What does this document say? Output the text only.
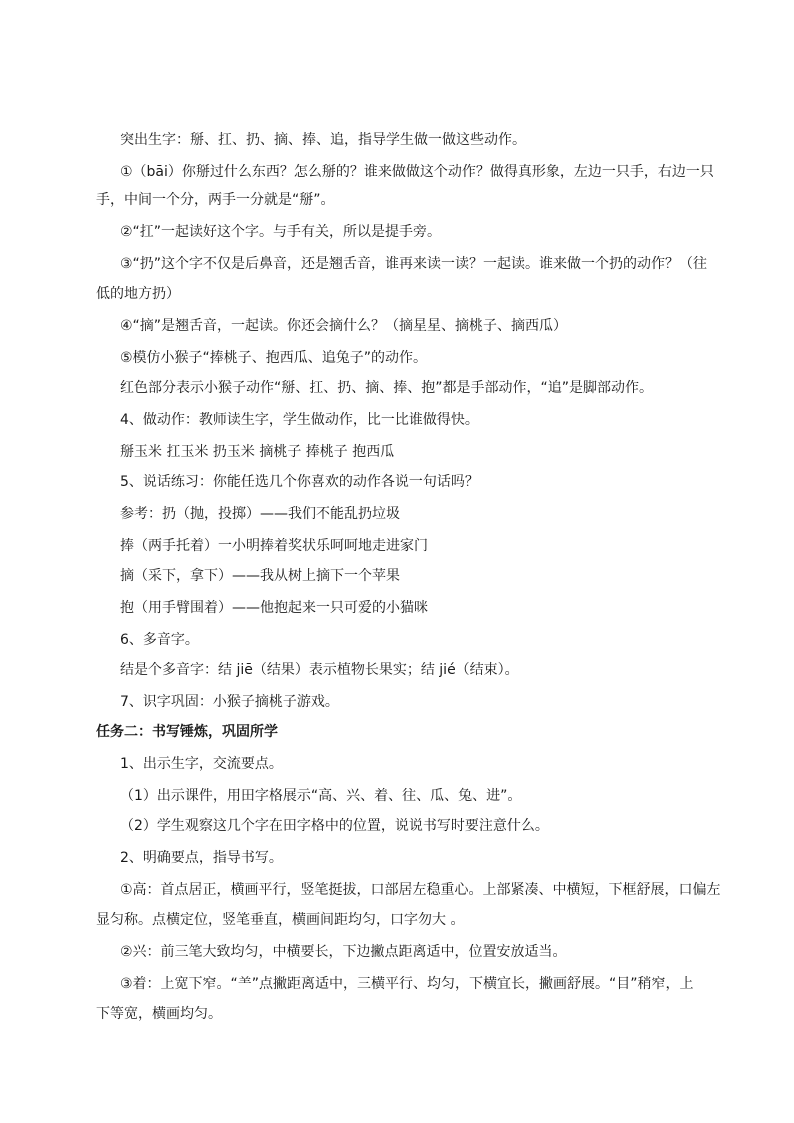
突出生字：掰、扛、扔、摘、捧、追，指导学生做一做这些动作。
①（bāi）你掰过什么东西？怎么掰的？谁来做做这个动作？做得真形象，左边一只手，右边一只
手，中间一个分，两手一分就是“掰”。
②“扛”一起读好这个字。与手有关，所以是提手旁。
③“扔”这个字不仅是后鼻音，还是翘舌音，谁再来读一读？一起读。谁来做一个扔的动作？（往
低的地方扔）
④“摘”是翘舌音，一起读。你还会摘什么？（摘星星、摘桃子、摘西瓜）
⑤模仿小猴子“捧桃子、抱西瓜、追兔子”的动作。
红色部分表示小猴子动作“掰、扛、扔、摘、捧、抱”都是手部动作，“追”是脚部动作。
4、做动作：教师读生字，学生做动作，比一比谁做得快。
掰玉米 扛玉米 扔玉米 摘桃子 捧桃子 抱西瓜
5、说话练习：你能任选几个你喜欢的动作各说一句话吗？
参考：扔（抛，投掷）——我们不能乱扔垃圾
捧（两手托着）一小明捧着奖状乐呵呵地走进家门
摘（采下，拿下）——我从树上摘下一个苹果
抱（用手臂围着）——他抱起来一只可爱的小猫咪
6、多音字。
结是个多音字：结 jiē（结果）表示植物长果实；结 jié（结束）。
7、识字巩固：小猴子摘桃子游戏。
任务二：书写锤炼，巩固所学
1、出示生字，交流要点。
（1）出示课件，用田字格展示“高、兴、着、往、瓜、兔、进”。
（2）学生观察这几个字在田字格中的位置，说说书写时要注意什么。
2、明确要点，指导书写。
①高：首点居正，横画平行，竖笔挺拔，口部居左稳重心。上部紧凑、中横短，下框舒展，口偏左
显匀称。点横定位，竖笔垂直，横画间距均匀，口字勿大 。
②兴：前三笔大致均匀，中横要长，下边撇点距离适中，位置安放适当。
③着：上宽下窄。“⺷”点撇距离适中，三横平行、均匀，下横宜长，撇画舒展。“目”稍窄，上
下等宽，横画均匀。
